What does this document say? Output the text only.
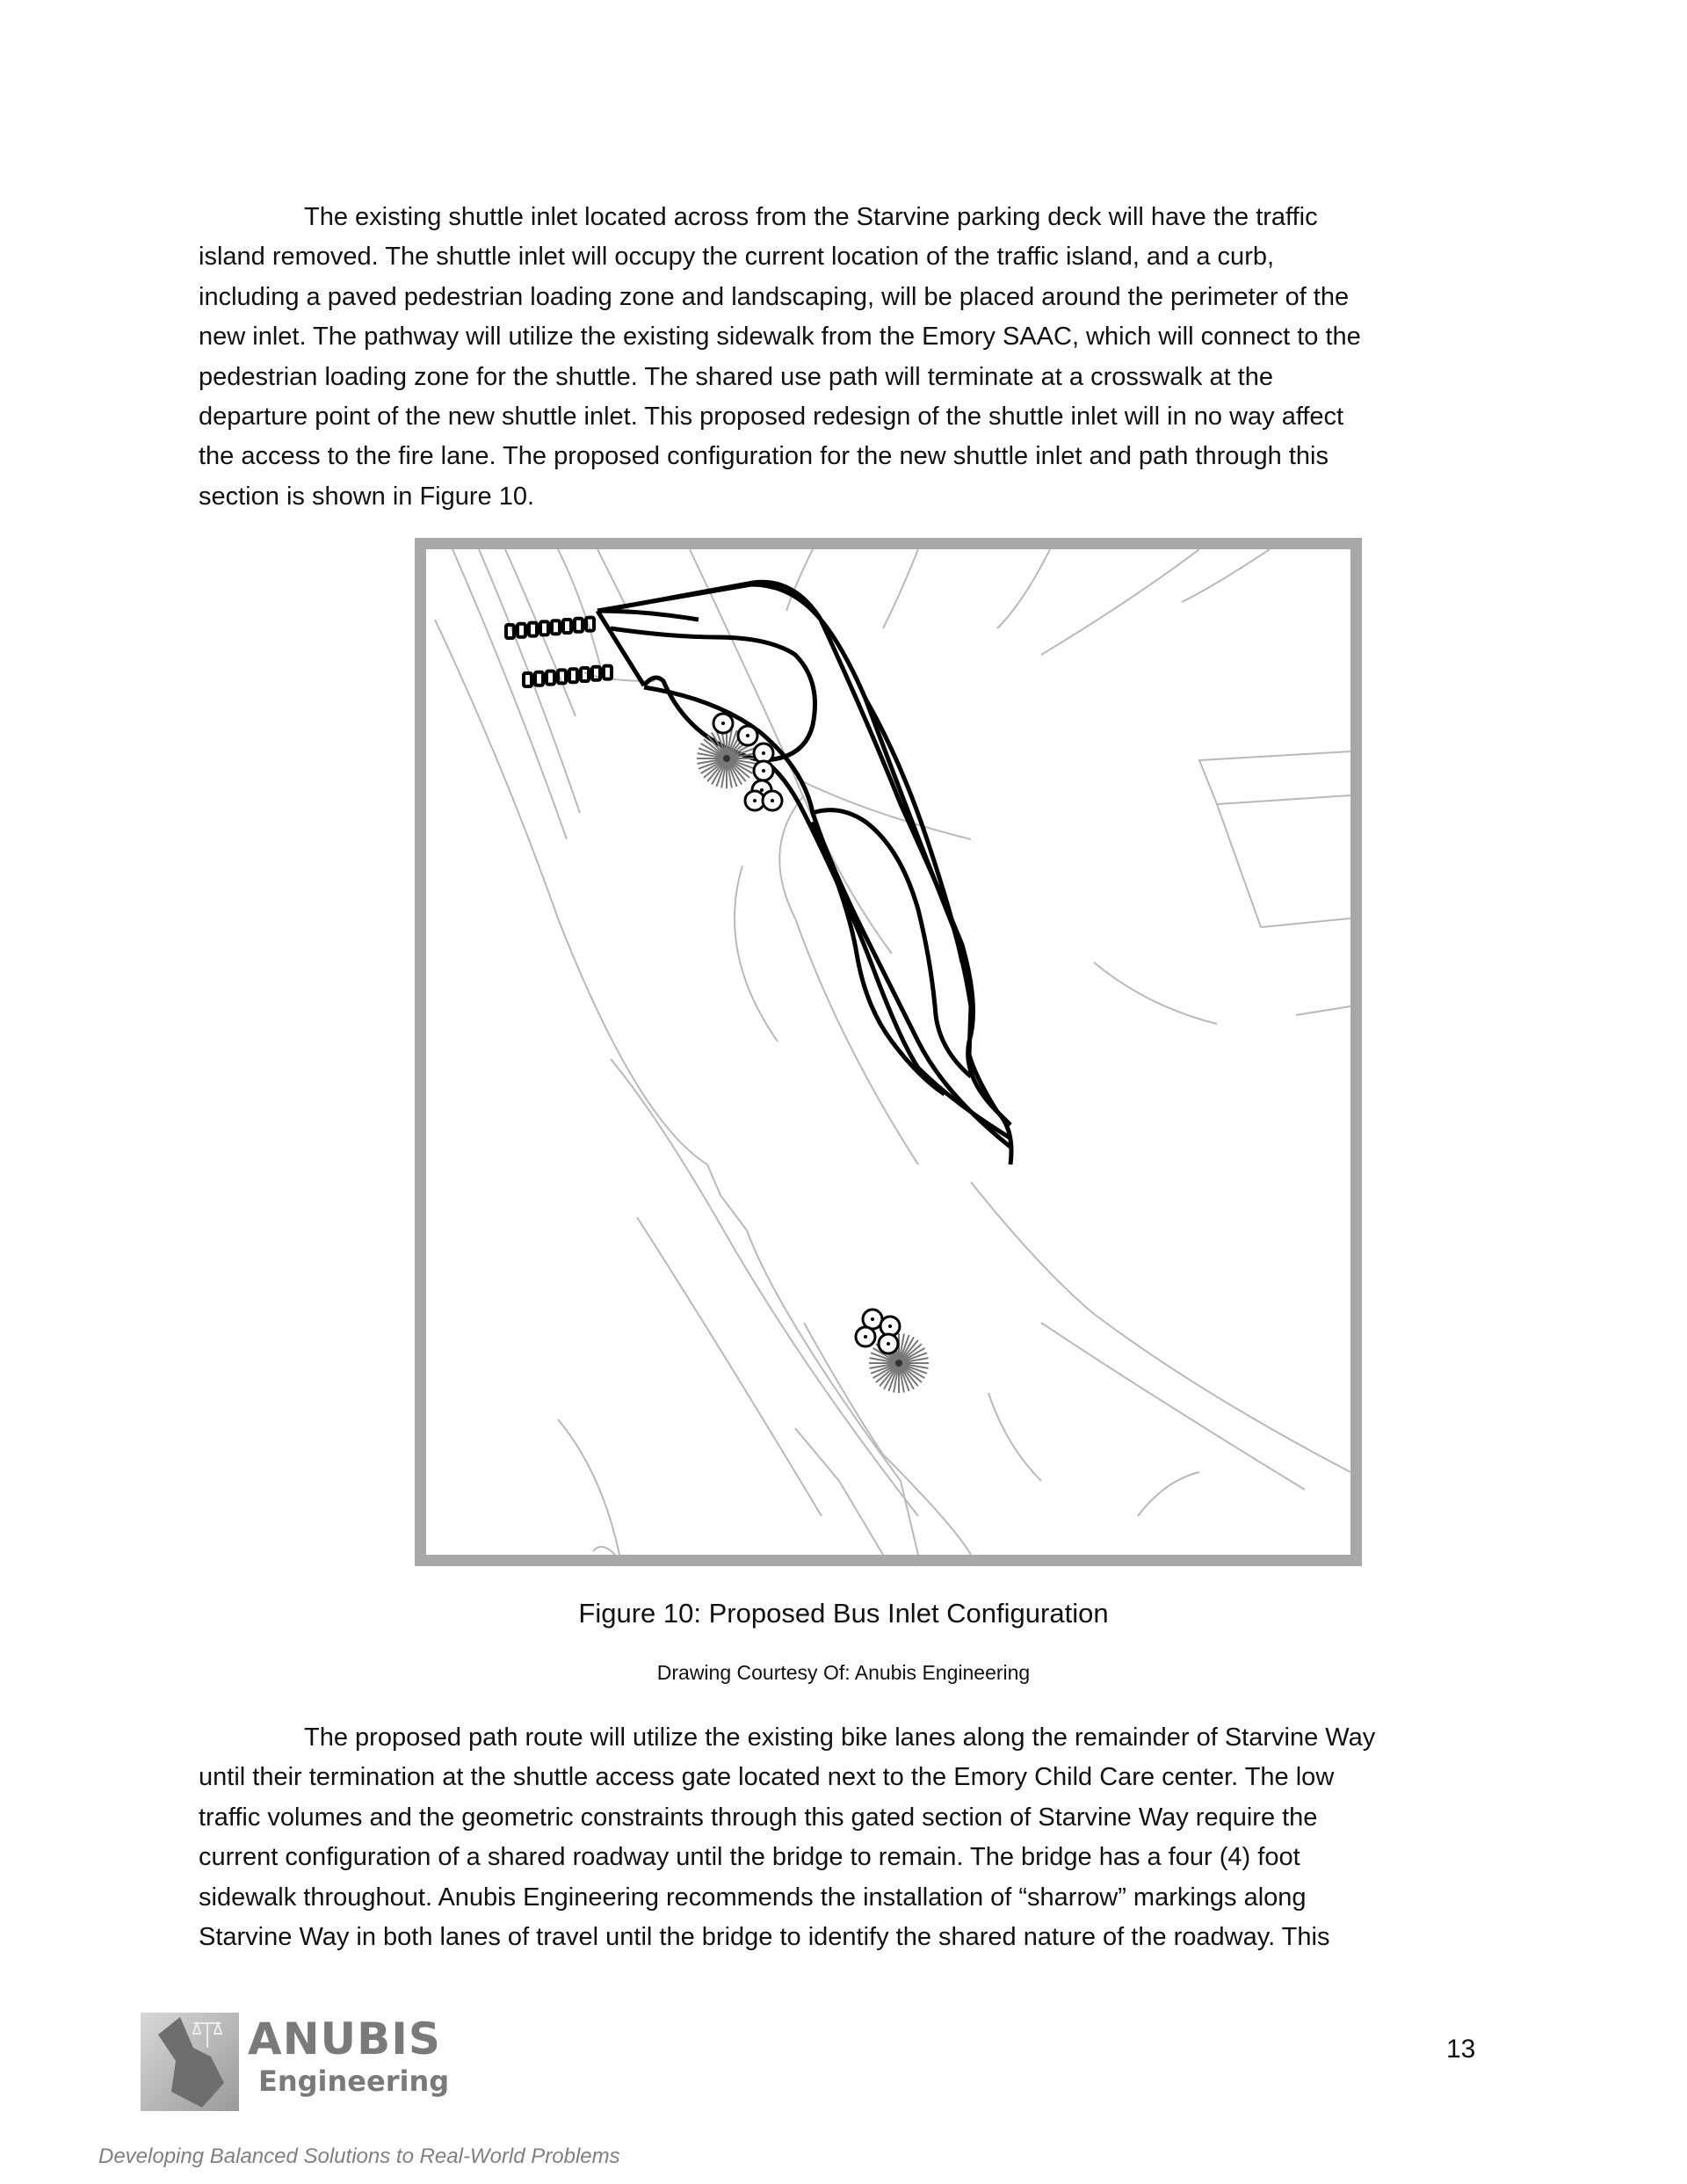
The existing shuttle inlet located across from the Starvine parking deck will have the traffic

island removed. The shuttle inlet will occupy the current location of the traffic island, and a curb,

including a paved pedestrian loading zone and landscaping, will be placed around the perimeter of the

new inlet. The pathway will utilize the existing sidewalk from the Emory SAAC, which will connect to the

pedestrian loading zone for the shuttle. The shared use path will terminate at a crosswalk at the

departure point of the new shuttle inlet. This proposed redesign of the shuttle inlet will in no way affect

the access to the fire lane. The proposed configuration for the new shuttle inlet and path through this

section is shown in Figure 10.

Figure 10: Proposed Bus Inlet Configuration
Drawing Courtesy Of: Anubis Engineering

The proposed path route will utilize the existing bike lanes along the remainder of Starvine Way

until their termination at the shuttle access gate located next to the Emory Child Care center. The low

traffic volumes and the geometric constraints through this gated section of Starvine Way require the

current configuration of a shared roadway until the bridge to remain. The bridge has a four (4) foot

sidewalk throughout. Anubis Engineering recommends the installation of “sharrow” markings along

Starvine Way in both lanes of travel until the bridge to identify the shared nature of the roadway. This

ANUBIS
Engineering
13
Developing Balanced Solutions to Real-World Problems
